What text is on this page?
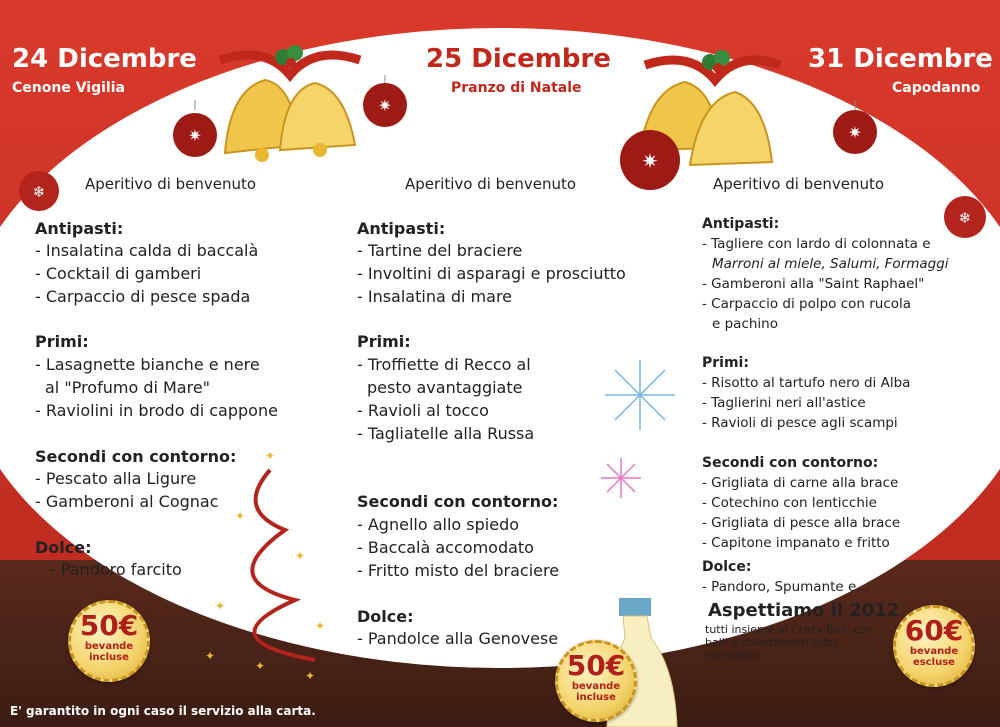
✷
✷
❄
✷
❄
✷
✦
✦
✦
✦
✦
✦
✦
✦
24 Dicembre
Cenone Vigilia
25 Dicembre
Pranzo di Natale
31 Dicembre
Capodanno
Aperitivo di benvenuto
Antipasti:
- Insalatina calda di baccalà
- Cocktail di gamberi
- Carpaccio di pesce spada
Primi:
- Lasagnette bianche e nere
al "Profumo di Mare"
- Raviolini in brodo di cappone
Secondi con contorno:
- Pescato alla Ligure
- Gamberoni al Cognac
Dolce:
- Pandoro farcito
50€
bevande incluse
Aperitivo di benvenuto
Antipasti:
- Tartine del braciere
- Involtini di asparagi e prosciutto
- Insalatina di mare
Primi:
- Troffiette di Recco al
pesto avantaggiate
- Ravioli al tocco
- Tagliatelle alla Russa
Secondi con contorno:
- Agnello allo spiedo
- Baccalà accomodato
- Fritto misto del braciere
Dolce:
- Pandolce alla Genovese
50€
bevande incluse
Aperitivo di benvenuto
Antipasti:
- Tagliere con lardo di colonnata e
Marroni al miele, Salumi, Formaggi
- Gamberoni alla "Saint Raphael"
- Carpaccio di polpo con rucola
e pachino
Primi:
- Risotto al tartufo nero di Alba
- Taglierini neri all'astice
- Ravioli di pesce agli scampi
Secondi con contorno:
- Grigliata di carne alla brace
- Cotechino con lenticchie
- Grigliata di pesce alla brace
- Capitone impanato e fritto
Dolce:
- Pandoro, Spumante e...
Aspettiamo il 2012
tutti insieme al Crazy Bull..con balli e divertimenti tutto compreso
60€
bevande escluse
E' garantito in ogni caso il servizio alla carta.
